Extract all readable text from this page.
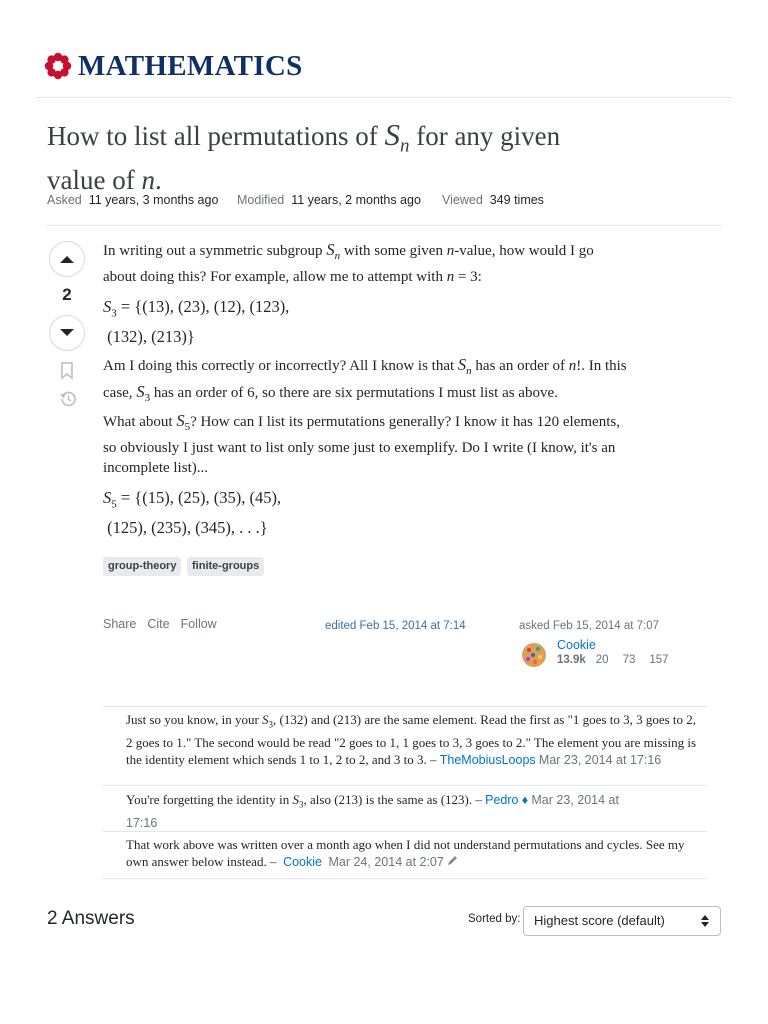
MATHEMATICS
How to list all permutations of $S_n$ for any given
value of n.
Asked 11 years, 3 months ago Modified 11 years, 2 months ago Viewed 349 times
2
In writing out a symmetric subgroup $S_n$ with some given n-value, how would I go
about doing this? For example, allow me to attempt with n = 3:
$S_3 = \{(13)$, (23), (12), (123),
(132), (213)}
Am I doing this correctly or incorrectly? All I know is that $S_n$ has an order of n!. In this
case, $S_3$ has an order of 6, so there are six permutations I must list as above.
What about $S_5$? How can I list its permutations generally? I know it has 120 elements,
so obviously I just want to list only some just to exemplify. Do I write (I know, it's an
incomplete list)...
$S_5 = \{(15)$, (25), (35), (45),
(125), (235), (345), . . .}
group-theory	finite-groups
Share Cite Follow	edited Feb 15, 2014 at 7:14	asked Feb 15, 2014 at 7:07
Cookie
13.9k 20 73 157
Just so you know, in your $S_3$, (132) and (213) are the same element. Read the first as "1 goes to 3, 3 goes to 2, 2 goes to 1." The second would be read "2 goes to 1, 1 goes to 3, 3 goes to 2." The element you are missing is the identity element which sends 1 to 1, 2 to 2, and 3 to 3. – TheMobiusLoops Mar 23, 2014 at 17:16
You're forgetting the identity in $S_3$, also (213) is the same as (123). – Pedro ♦ Mar 23, 2014 at
17:16
That work above was written over a month ago when I did not understand permutations and cycles. See my own answer below instead. –  Cookie Mar 24, 2014 at 2:07
2 Answers	Sorted by:	Highest score (default)
